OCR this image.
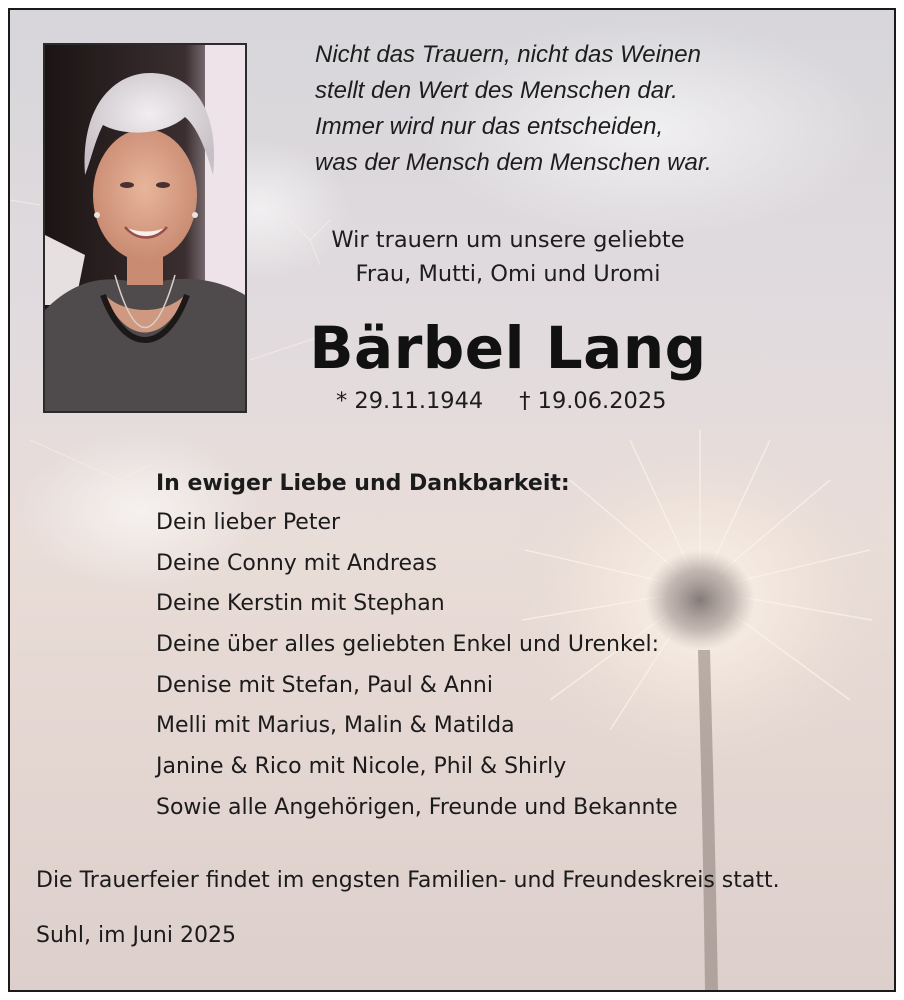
Nicht das Trauern, nicht das Weinen
stellt den Wert des Menschen dar.
Immer wird nur das entscheiden,
was der Mensch dem Menschen war.
Wir trauern um unsere geliebte
Frau, Mutti, Omi und Uromi
Bärbel Lang
* 29.11.1944 † 19.06.2025
In ewiger Liebe und Dankbarkeit:
Dein lieber Peter
Deine Conny mit Andreas
Deine Kerstin mit Stephan
Deine über alles geliebten Enkel und Urenkel:
Denise mit Stefan, Paul & Anni
Melli mit Marius, Malin & Matilda
Janine & Rico mit Nicole, Phil & Shirly
Sowie alle Angehörigen, Freunde und Bekannte
Die Trauerfeier findet im engsten Familien- und Freundeskreis statt.
Suhl, im Juni 2025
